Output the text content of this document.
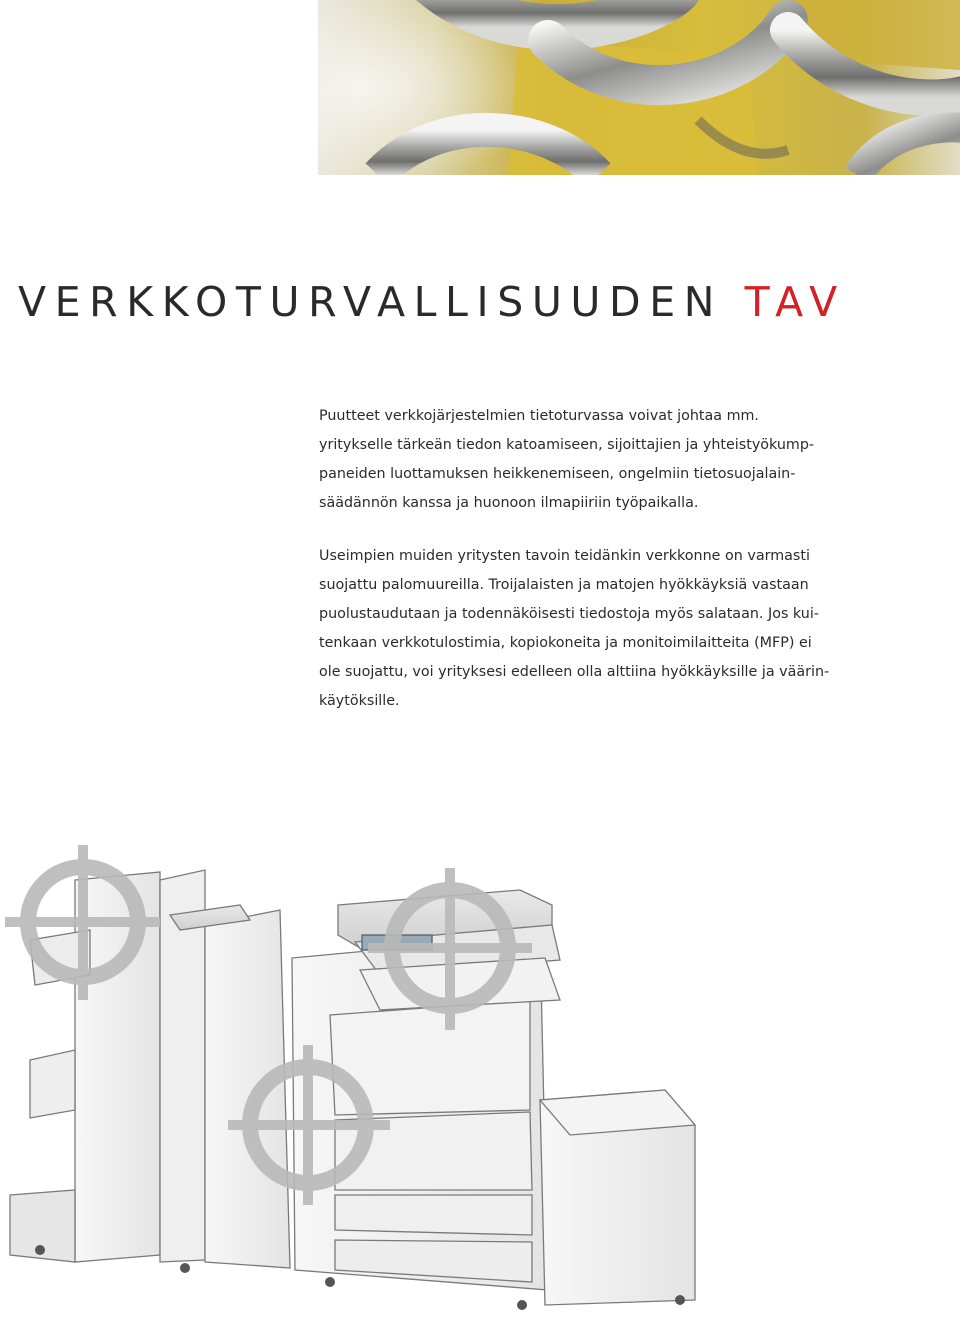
VERKKOTURVALLISUUDEN TAV

Puutteet verkkojärjestelmien tietoturvassa voivat johtaa mm.
yritykselle tärkeän tiedon katoamiseen, sijoittajien ja yhteistyökump-
paneiden luottamuksen heikkenemiseen, ongelmiin tietosuojalain-
säädännön kanssa ja huonoon ilmapiiriin työpaikalla.

Useimpien muiden yritysten tavoin teidänkin verkkonne on varmasti
suojattu palomuureilla. Troijalaisten ja matojen hyökkäyksiä vastaan
puolustaudutaan ja todennäköisesti tiedostoja myös salataan. Jos kui-
tenkaan verkkotulostimia, kopiokoneita ja monitoimilaitteita (MFP) ei
ole suojattu, voi yrityksesi edelleen olla alttiina hyökkäyksille ja väärin-
käytöksille.
